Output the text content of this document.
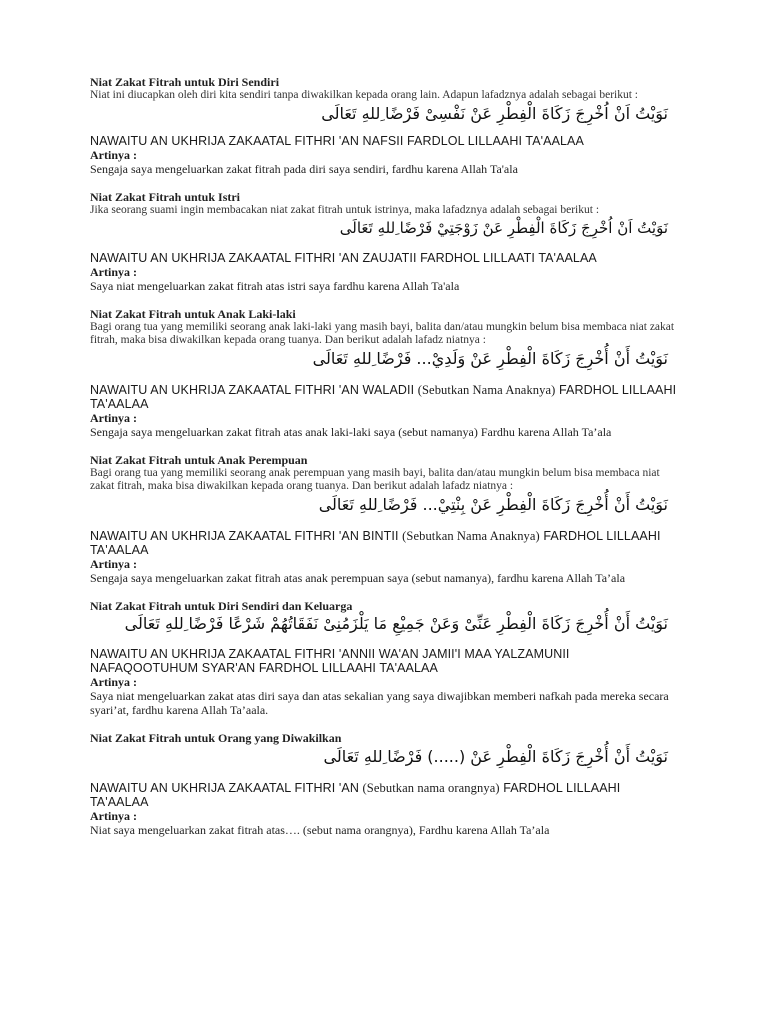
Niat Zakat Fitrah untuk Diri Sendiri
Niat ini diucapkan oleh diri kita sendiri tanpa diwakilkan kepada orang lain. Adapun lafadznya adalah sebagai berikut :
نَوَيْتُ اَنْ اُخْرِجَ زَكَاةَ الْفِطْرِ عَنْ نَفْسِىْ فَرْضًا ِللهِ تَعَالَى
NAWAITU AN UKHRIJA ZAKAATAL FITHRI 'AN NAFSII FARDLOL LILLAAHI TA'AALAA
Artinya :
Sengaja saya mengeluarkan zakat fitrah pada diri saya sendiri, fardhu karena Allah Ta'ala
Niat Zakat Fitrah untuk Istri
Jika seorang suami ingin membacakan niat zakat fitrah untuk istrinya, maka lafadznya adalah sebagai berikut :
نَوَيْتُ اَنْ اُخْرِجَ زَكَاةَ الْفِطْرِ عَنْ زَوْجَتِيْ فَرْضًا ِللهِ تَعَالَى
NAWAITU AN UKHRIJA ZAKAATAL FITHRI 'AN ZAUJATII FARDHOL LILLAATI TA'AALAA
Artinya :
Saya niat mengeluarkan zakat fitrah atas istri saya fardhu karena Allah Ta'ala
Niat Zakat Fitrah untuk Anak Laki-laki
Bagi orang tua yang memiliki seorang anak laki-laki yang masih bayi, balita dan/atau mungkin belum bisa membaca niat zakat fitrah, maka bisa diwakilkan kepada orang tuanya. Dan berikut adalah lafadz niatnya :
نَوَيْتُ أَنْ أُخْرِجَ زَكَاةَ الْفِطْرِ عَنْ وَلَدِيْ... فَرْضًا ِللهِ تَعَالَى
NAWAITU AN UKHRIJA ZAKAATAL FITHRI 'AN WALADII (Sebutkan Nama Anaknya) FARDHOL LILLAAHI TA'AALAA
Artinya :
Sengaja saya mengeluarkan zakat fitrah atas anak laki-laki saya (sebut namanya) Fardhu karena Allah Ta’ala
Niat Zakat Fitrah untuk Anak Perempuan
Bagi orang tua yang memiliki seorang anak perempuan yang masih bayi, balita dan/atau mungkin belum bisa membaca niat zakat fitrah, maka bisa diwakilkan kepada orang tuanya. Dan berikut adalah lafadz niatnya :
نَوَيْتُ أَنْ أُخْرِجَ زَكَاةَ الْفِطْرِ عَنْ بِنْتِيْ... فَرْضًا ِللهِ تَعَالَى
NAWAITU AN UKHRIJA ZAKAATAL FITHRI 'AN BINTII (Sebutkan Nama Anaknya) FARDHOL LILLAAHI TA'AALAA
Artinya :
Sengaja saya mengeluarkan zakat fitrah atas anak perempuan saya (sebut namanya), fardhu karena Allah Ta’ala
Niat Zakat Fitrah untuk Diri Sendiri dan Keluarga
نَوَيْتُ أَنْ أُخْرِجَ زَكَاةَ الْفِطْرِ عَنِّىْ وَعَنْ جَمِيْعِ مَا يَلْزَمُنِىْ نَفَقَاتُهُمْ شَرْعًا فَرْضًا ِللهِ تَعَالَى
NAWAITU AN UKHRIJA ZAKAATAL FITHRI 'ANNII WA'AN JAMII'I MAA YALZAMUNII NAFAQOOTUHUM SYAR'AN FARDHOL LILLAAHI TA'AALAA
Artinya :
Saya niat mengeluarkan zakat atas diri saya dan atas sekalian yang saya diwajibkan memberi nafkah pada mereka secara syari’at, fardhu karena Allah Ta’aala.
Niat Zakat Fitrah untuk Orang yang Diwakilkan
نَوَيْتُ أَنْ أُخْرِجَ زَكَاةَ الْفِطْرِ عَنْ (.....) فَرْضًا ِللهِ تَعَالَى
NAWAITU AN UKHRIJA ZAKAATAL FITHRI 'AN (Sebutkan nama orangnya) FARDHOL LILLAAHI TA'AALAA
Artinya :
Niat saya mengeluarkan zakat fitrah atas…. (sebut nama orangnya), Fardhu karena Allah Ta’ala
